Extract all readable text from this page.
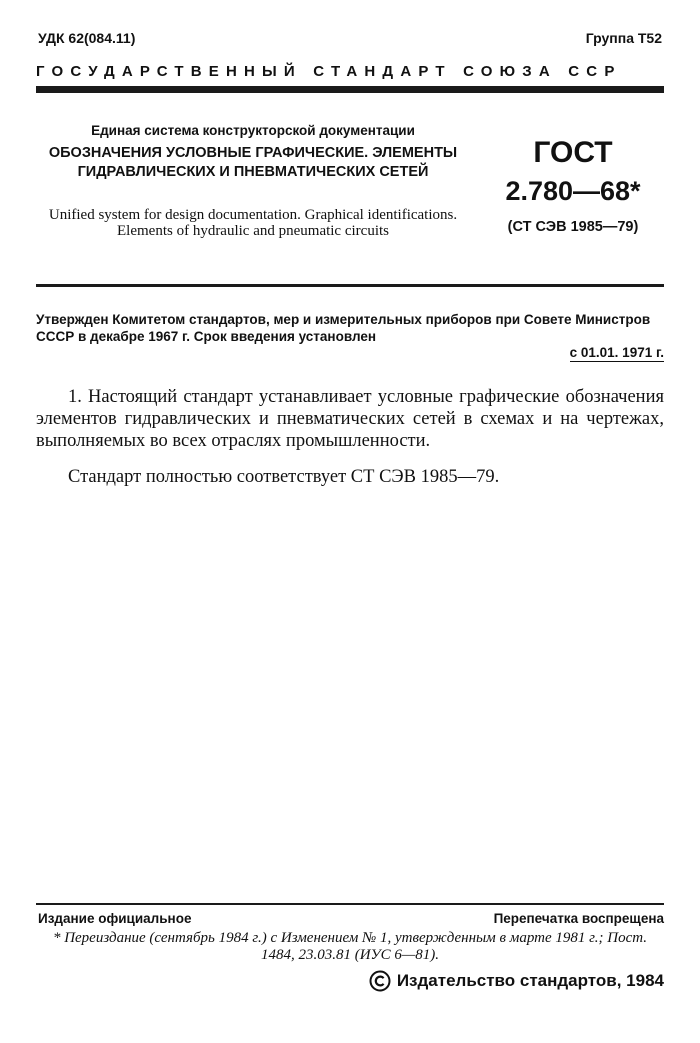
УДК 62(084.11)	Группа Т52
ГОСУДАРСТВЕННЫЙ СТАНДАРТ СОЮЗА ССР
Единая система конструкторской документации
ОБОЗНАЧЕНИЯ УСЛОВНЫЕ ГРАФИЧЕСКИЕ. ЭЛЕМЕНТЫ ГИДРАВЛИЧЕСКИХ И ПНЕВМАТИЧЕСКИХ СЕТЕЙ
Unified system for design documentation. Graphical identifications. Elements of hydraulic and pneumatic circuits
ГОСТ
2.780—68*
(СТ СЭВ 1985—79)
Утвержден Комитетом стандартов, мер и измерительных приборов при Совете Министров СССР в декабре 1967 г. Срок введения установлен
с 01.01. 1971 г.
1. Настоящий стандарт устанавливает условные графические обозначения элементов гидравлических и пневматических сетей в схемах и на чертежах, выполняемых во всех отраслях промышленности.
Стандарт полностью соответствует СТ СЭВ 1985—79.
Издание официальное	Перепечатка воспрещена
* Переиздание (сентябрь 1984 г.) с Изменением № 1, утвержденным в марте 1981 г.; Пост. 1484, 23.03.81 (ИУС 6—81).
Издательство стандартов, 1984
